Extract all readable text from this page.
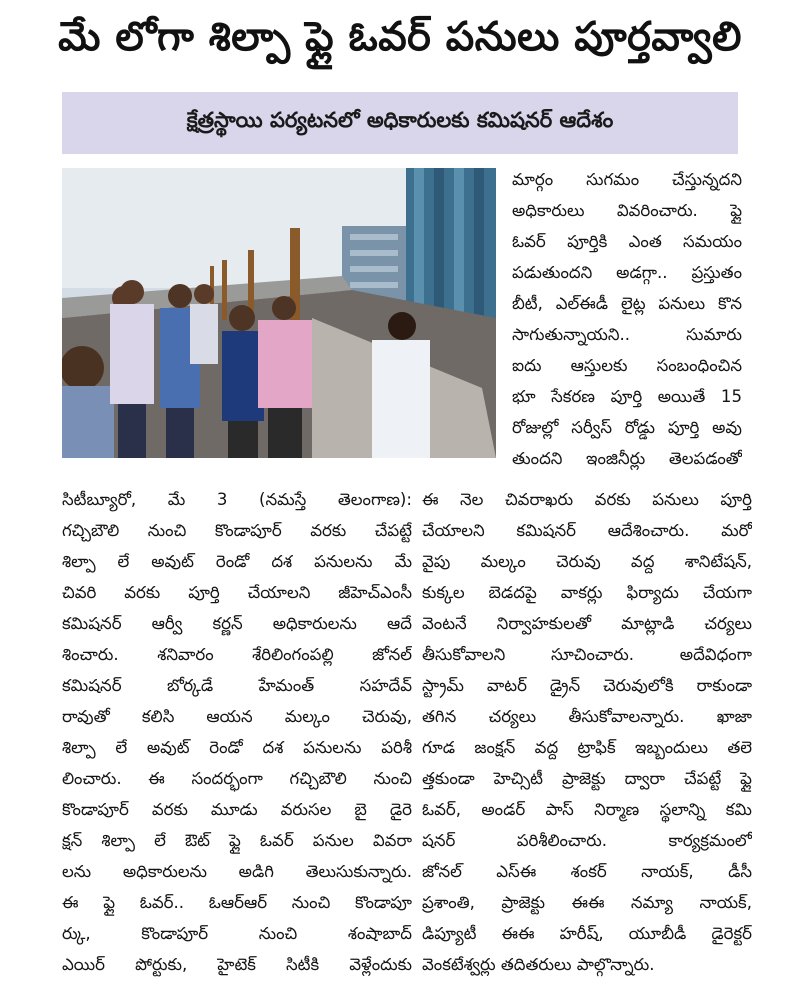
మే లోగా శిల్పా ఫ్లై ఓవర్ పనులు పూర్తవ్వాలి
క్షేత్రస్థాయి పర్యటనలో అధికారులకు కమిషనర్ ఆదేశం
మార్గం సుగమం చేస్తున్నదని
అధికారులు వివరించారు. ఫ్లై
ఓవర్ పూర్తికి ఎంత సమయం
పడుతుందని అడగ్గా.. ప్రస్తుతం
బీటీ, ఎల్ఈడీ లైట్ల పనులు కొన
సాగుతున్నాయని.. సుమారు
ఐదు ఆస్తులకు సంబంధించిన
భూ సేకరణ పూర్తి అయితే 15
రోజుల్లో సర్వీస్ రోడ్డు పూర్తి అవు
తుందని ఇంజినీర్లు తెలపడంతో
సిటీబ్యూరో, మే 3 (నమస్తే తెలంగాణ):
గచ్చిబౌలి నుంచి కొండాపూర్ వరకు చేపట్టే
శిల్పా లే అవుట్ రెండో దశ పనులను మే
చివరి వరకు పూర్తి చేయాలని జీహెచ్ఎంసీ
కమిషనర్ ఆర్వీ కర్ణన్ అధికారులను ఆదే
శించారు. శనివారం శేరిలింగంపల్లి జోనల్
కమిషనర్ బోర్కడే హేమంత్ సహదేవ్
రావుతో కలిసి ఆయన మల్కం చెరువు,
శిల్పా లే అవుట్ రెండో దశ పనులను పరిశీ
లించారు. ఈ సందర్భంగా గచ్చిబౌలి నుంచి
కొండాపూర్ వరకు మూడు వరుసల బై డైరె
క్షన్ శిల్పా లే ఔట్ ఫ్లై ఓవర్ పనుల వివరా
లను అధికారులను అడిగి తెలుసుకున్నారు.
ఈ ఫ్లై ఓవర్.. ఓఆర్ఆర్ నుంచి కొండాపూ
ర్కు, కొండాపూర్ నుంచి శంషాబాద్
ఎయిర్ పోర్టుకు, హైటెక్ సిటీకి వెళ్లేందుకు
ఈ నెల చివరాఖరు వరకు పనులు పూర్తి
చేయాలని కమిషనర్ ఆదేశించారు. మరో
వైపు మల్కం చెరువు వద్ద శానిటేషన్,
కుక్కల బెడదపై వాకర్లు ఫిర్యాదు చేయగా
వెంటనే నిర్వాహకులతో మాట్లాడి చర్యలు
తీసుకోవాలని సూచించారు. అదేవిధంగా
స్ట్రామ్ వాటర్ డ్రైన్ చెరువులోకి రాకుండా
తగిన చర్యలు తీసుకోవాలన్నారు. ఖాజా
గూడ జంక్షన్ వద్ద ట్రాఫిక్ ఇబ్బందులు తలె
త్తకుండా హెచ్సిటీ ప్రాజెక్టు ద్వారా చేపట్టే ఫ్లై
ఓవర్, అండర్ పాస్ నిర్మాణ స్థలాన్ని కమి
షనర్ పరిశీలించారు. కార్యక్రమంలో
జోనల్ ఎస్ఈ శంకర్ నాయక్, డీసీ
ప్రశాంతి, ప్రాజెక్టు ఈఈ నమ్యా నాయక్,
డిప్యూటీ ఈఈ హరీష్, యూబీడీ డైరెక్టర్
వెంకటేశ్వర్లు తదితరులు పాల్గొన్నారు.
